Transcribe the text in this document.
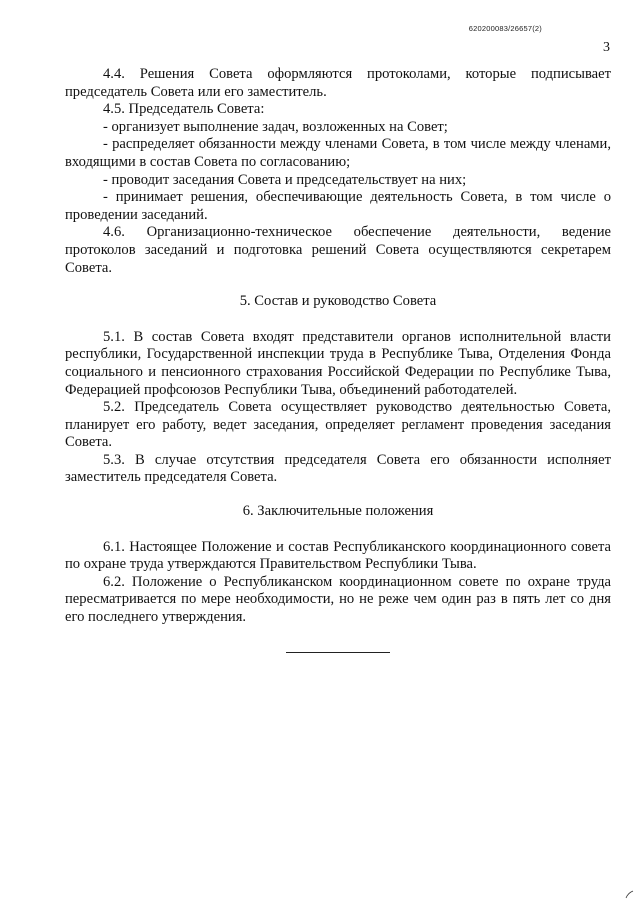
620200083/26657(2)
3

4.4. Решения Совета оформляются протоколами, которые подписывает председатель Совета или его заместитель.

4.5. Председатель Совета:

- организует выполнение задач, возложенных на Совет;

- распределяет обязанности между членами Совета, в том числе между членами, входящими в состав Совета по согласованию;

- проводит заседания Совета и председательствует на них;

- принимает решения, обеспечивающие деятельность Совета, в том числе о проведении заседаний.

4.6. Организационно-техническое обеспечение деятельности, ведение протоколов заседаний и подготовка решений Совета осуществляются секретарем Совета.

5. Состав и руководство Совета

5.1. В состав Совета входят представители органов исполнительной власти республики, Государственной инспекции труда в Республике Тыва, Отделения Фонда социального и пенсионного страхования Российской Федерации по Республике Тыва, Федерацией профсоюзов Республики Тыва, объединений работодателей.

5.2. Председатель Совета осуществляет руководство деятельностью Совета, планирует его работу, ведет заседания, определяет регламент проведения заседания Совета.

5.3. В случае отсутствия председателя Совета его обязанности исполняет заместитель председателя Совета.

6. Заключительные положения

6.1. Настоящее Положение и состав Республиканского координационного совета по охране труда утверждаются Правительством Республики Тыва.

6.2. Положение о Республиканском координационном совете по охране труда пересматривается по мере необходимости, но не реже чем один раз в пять лет со дня его последнего утверждения.
